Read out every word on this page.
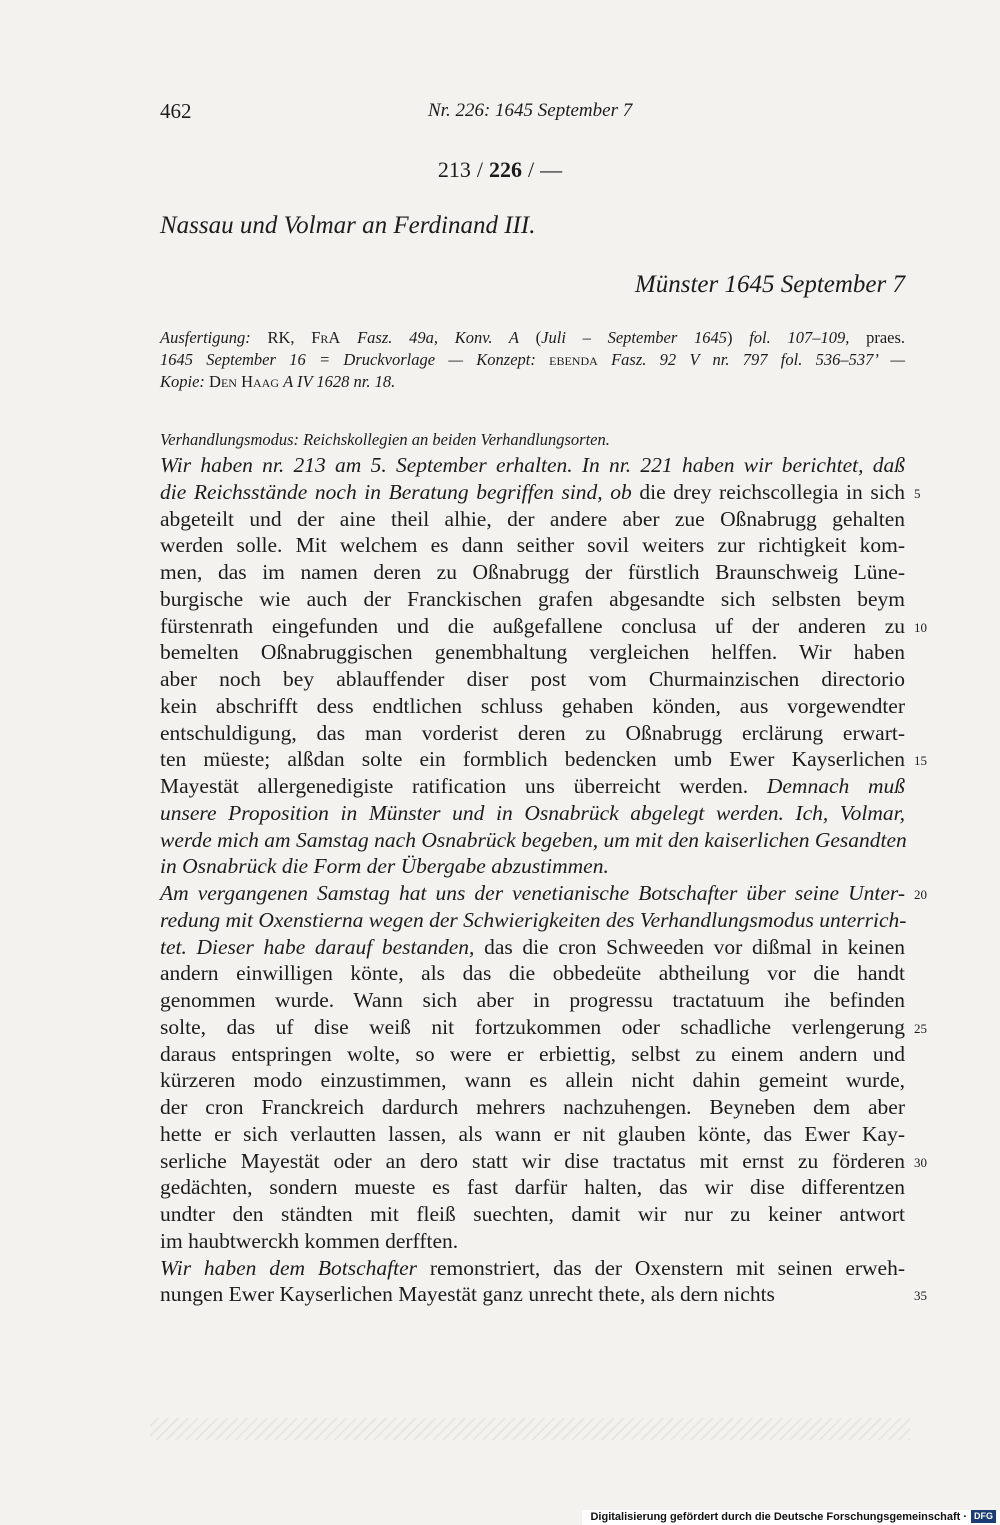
462	Nr. 226: 1645 September 7
213 / 226 / —
Nassau und Volmar an Ferdinand III.
Münster 1645 September 7
Ausfertigung: RK, FrA Fasz. 49a, Konv. A (Juli – September 1645) fol. 107–109, praes.
1645 September 16 = Druckvorlage — Konzept: ebenda Fasz. 92 V nr. 797 fol. 536–537’ —
Kopie: Den Haag A IV 1628 nr. 18.
Verhandlungsmodus: Reichskollegien an beiden Verhandlungsorten.
Wir haben nr. 213 am 5. September erhalten. In nr. 221 haben wir berichtet, daß
die Reichsstände noch in Beratung begriffen sind, ob die drey reichscollegia in sich
abgeteilt und der aine theil alhie, der andere aber zue Oßnabrugg gehalten
werden solle. Mit welchem es dann seither sovil weiters zur richtigkeit kom-
men, das im namen deren zu Oßnabrugg der fürstlich Braunschweig Lüne-
burgische wie auch der Franckischen grafen abgesandte sich selbsten beym
fürstenrath eingefunden und die außgefallene conclusa uf der anderen zu
bemelten Oßnabruggischen genembhaltung vergleichen helffen. Wir haben
aber noch bey ablauffender diser post vom Churmainzischen directorio
kein abschrifft dess endtlichen schluss gehaben könden, aus vorgewendter
entschuldigung, das man vorderist deren zu Oßnabrugg erclärung erwart-
ten müeste; alßdan solte ein formblich bedencken umb Ewer Kayserlichen
Mayestät allergenedigiste ratification uns überreicht werden. Demnach muß
unsere Proposition in Münster und in Osnabrück abgelegt werden. Ich, Volmar,
werde mich am Samstag nach Osnabrück begeben, um mit den kaiserlichen Gesandten
in Osnabrück die Form der Übergabe abzustimmen.
Am vergangenen Samstag hat uns der venetianische Botschafter über seine Unter-
redung mit Oxenstierna wegen der Schwierigkeiten des Verhandlungsmodus unterrich-
tet. Dieser habe darauf bestanden, das die cron Schweeden vor dißmal in keinen
andern einwilligen könte, als das die obbedeüte abtheilung vor die handt
genommen wurde. Wann sich aber in progressu tractatuum ihe befinden
solte, das uf dise weiß nit fortzukommen oder schadliche verlengerung
daraus entspringen wolte, so were er erbiettig, selbst zu einem andern und
kürzeren modo einzustimmen, wann es allein nicht dahin gemeint wurde,
der cron Franckreich dardurch mehrers nachzuhengen. Beyneben dem aber
hette er sich verlautten lassen, als wann er nit glauben könte, das Ewer Kay-
serliche Mayestät oder an dero statt wir dise tractatus mit ernst zu förderen
gedächten, sondern mueste es fast darfür halten, das wir dise differentzen
undter den ständten mit fleiß suechten, damit wir nur zu keiner antwort
im haubtwerckh kommen derfften.
Wir haben dem Botschafter remonstriert, das der Oxenstern mit seinen erweh-
nungen Ewer Kayserlichen Mayestät ganz unrecht thete, als dern nichts
5
10
15
20
25
30
35
Digitalisierung gefördert durch die Deutsche Forschungsgemeinschaft · DFG
